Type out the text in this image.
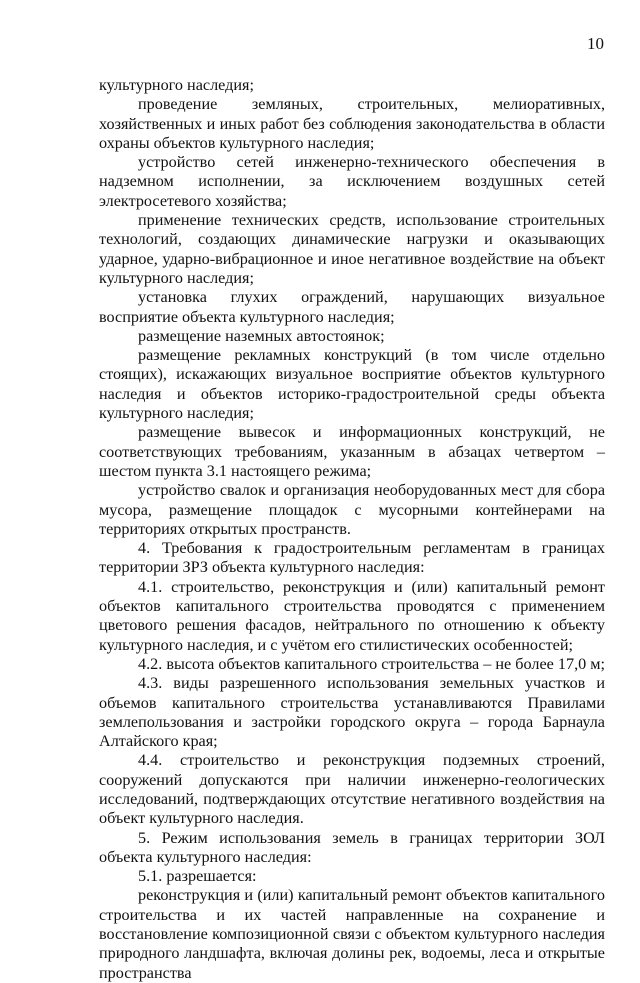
10

культурного наследия;

проведение земляных, строительных, мелиоративных, хозяйственных и иных работ без соблюдения законодательства в области охраны объектов культурного наследия;

устройство сетей инженерно-технического обеспечения в надземном исполнении, за исключением воздушных сетей электросетевого хозяйства;

применение технических средств, использование строительных технологий, создающих динамические нагрузки и оказывающих ударное, ударно-вибрационное и иное негативное воздействие на объект культурного наследия;

установка глухих ограждений, нарушающих визуальное восприятие объекта культурного наследия;

размещение наземных автостоянок;

размещение рекламных конструкций (в том числе отдельно стоящих), искажающих визуальное восприятие объектов культурного наследия и объектов историко-градостроительной среды объекта культурного наследия;

размещение вывесок и информационных конструкций, не соответствующих требованиям, указанным в абзацах четвертом – шестом пункта 3.1 настоящего режима;

устройство свалок и организация необорудованных мест для сбора мусора, размещение площадок с мусорными контейнерами на территориях открытых пространств.

4. Требования к градостроительным регламентам в границах территории ЗРЗ объекта культурного наследия:

4.1. строительство, реконструкция и (или) капитальный ремонт объектов капитального строительства проводятся с применением цветового решения фасадов, нейтрального по отношению к объекту культурного наследия, и с учётом его стилистических особенностей;

4.2. высота объектов капитального строительства – не более 17,0 м;

4.3. виды разрешенного использования земельных участков и объемов капитального строительства устанавливаются Правилами землепользования и застройки городского округа – города Барнаула Алтайского края;

4.4. строительство и реконструкция подземных строений, сооружений допускаются при наличии инженерно-геологических исследований, подтверждающих отсутствие негативного воздействия на объект культурного наследия.

5. Режим использования земель в границах территории ЗОЛ объекта культурного наследия:

5.1. разрешается:

реконструкция и (или) капитальный ремонт объектов капитального строительства и их частей направленные на сохранение и восстановление композиционной связи с объектом культурного наследия природного ландшафта, включая долины рек, водоемы, леса и открытые пространства
